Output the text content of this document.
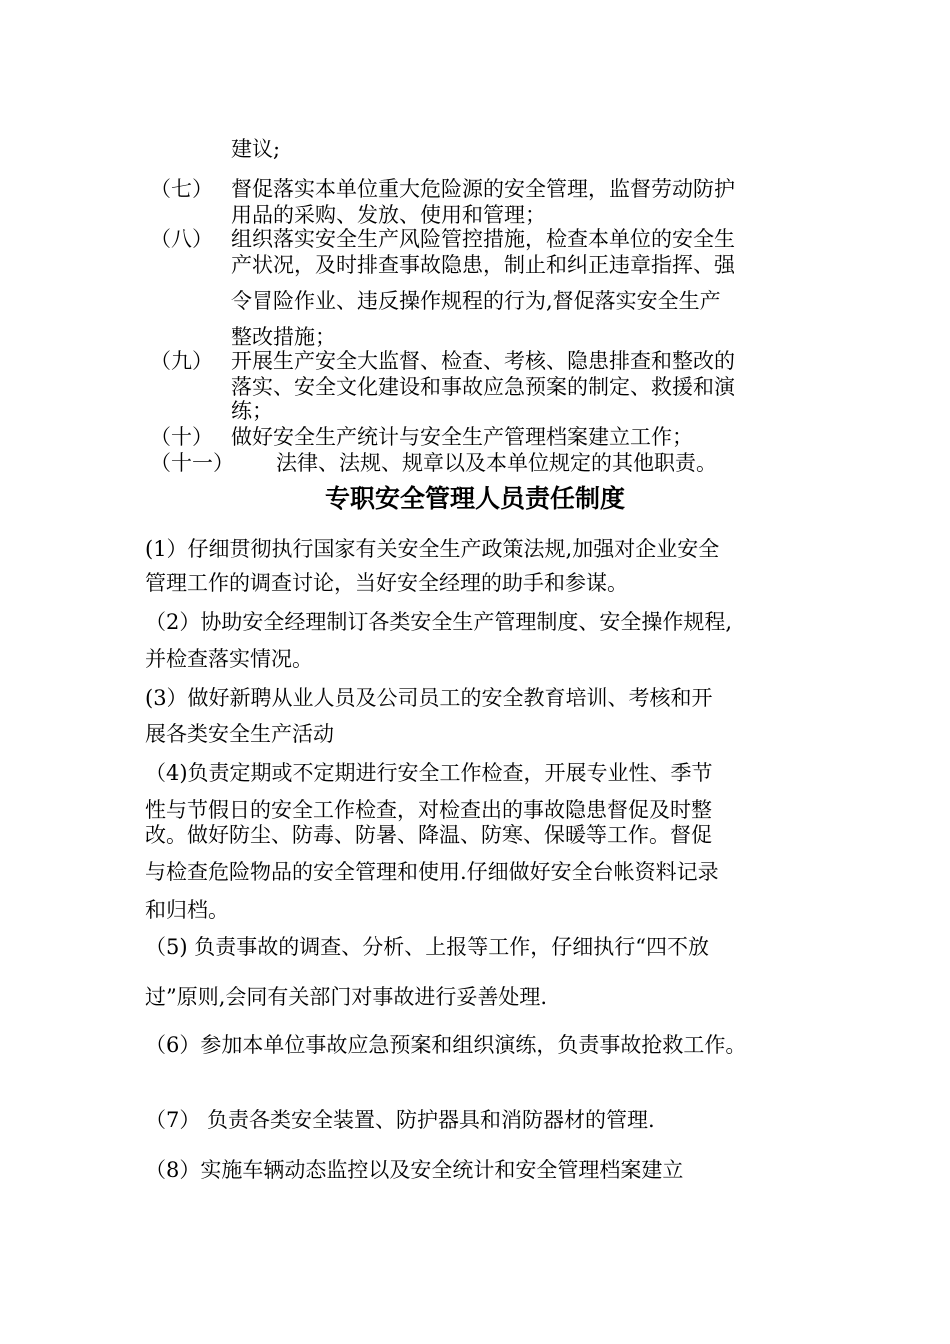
建议;
（七） 督促落实本单位重大危险源的安全管理，监督劳动防护
用品的采购、发放、使用和管理；
（八） 组织落实安全生产风险管控措施，检查本单位的安全生
产状况，及时排查事故隐患，制止和纠正违章指挥、强
令冒险作业、违反操作规程的行为,督促落实安全生产
整改措施；
（九） 开展生产安全大监督、检查、考核、隐患排查和整改的
落实、安全文化建设和事故应急预案的制定、救援和演
练；
（十） 做好安全生产统计与安全生产管理档案建立工作；
（十一） 法律、法规、规章以及本单位规定的其他职责。
专职安全管理人员责任制度
(1）仔细贯彻执行国家有关安全生产政策法规,加强对企业安全
管理工作的调查讨论，当好安全经理的助手和参谋。
（2）协助安全经理制订各类安全生产管理制度、安全操作规程,
并检查落实情况。
(3）做好新聘从业人员及公司员工的安全教育培训、考核和开
展各类安全生产活动
（4)负责定期或不定期进行安全工作检查，开展专业性、季节
性与节假日的安全工作检查，对检查出的事故隐患督促及时整
改。做好防尘、防毒、防暑、降温、防寒、保暖等工作。督促
与检查危险物品的安全管理和使用.仔细做好安全台帐资料记录
和归档。
（5) 负责事故的调查、分析、上报等工作，仔细执行“四不放
过”原则,会同有关部门对事故进行妥善处理.
（6）参加本单位事故应急预案和组织演练，负责事故抢救工作。
（7） 负责各类安全装置、防护器具和消防器材的管理.
（8）实施车辆动态监控以及安全统计和安全管理档案建立
